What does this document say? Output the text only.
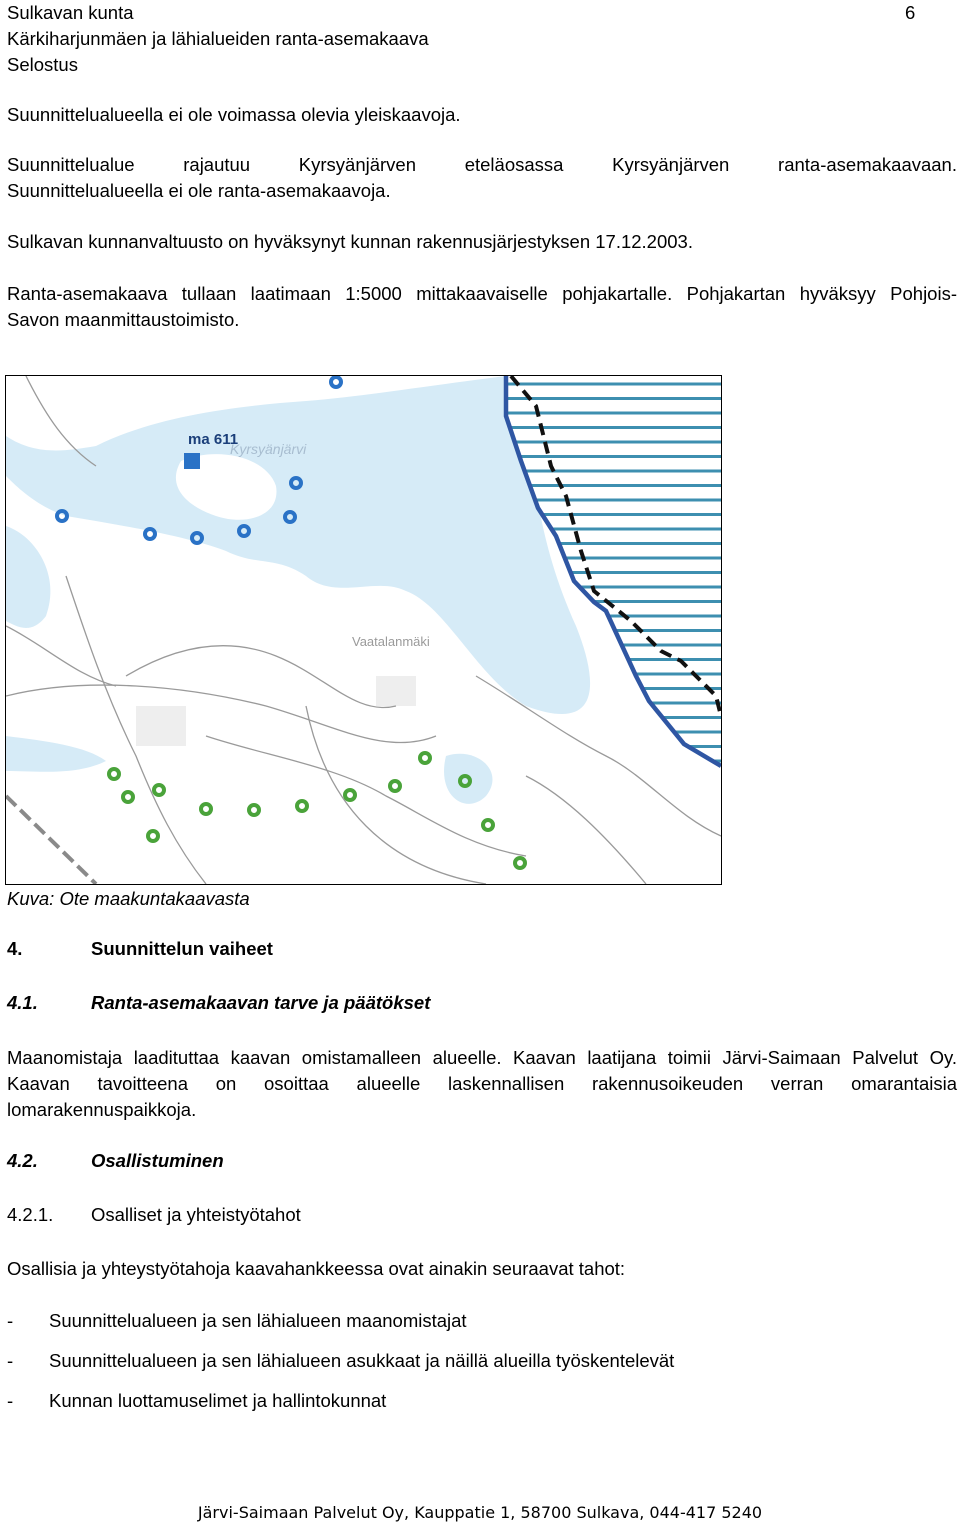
Sulkavan kunta	6
Kärkiharjunmäen ja lähialueiden ranta-asemakaava
Selostus
Suunnittelualueella ei ole voimassa olevia yleiskaavoja.
Suunnittelualue rajautuu Kyrsyänjärven eteläosassa Kyrsyänjärven ranta-asemakaavaan.
Suunnittelualueella ei ole ranta-asemakaavoja.
Sulkavan kunnanvaltuusto on hyväksynyt kunnan rakennusjärjestyksen 17.12.2003.
Ranta-asemakaava tullaan laatimaan 1:5000 mittakaavaiselle pohjakartalle. Pohjakartan hyväksyy Pohjois-
Savon maanmittaustoimisto.
ma 611
Kyrsyänjärvi
Vaatalanmäki
Kuva: Ote maakuntakaavasta
4.	Suunnittelun vaiheet
4.1.	Ranta-asemakaavan tarve ja päätökset
Maanomistaja laadituttaa kaavan omistamalleen alueelle. Kaavan laatijana toimii Järvi-Saimaan Palvelut Oy.
Kaavan tavoitteena on osoittaa alueelle laskennallisen rakennusoikeuden verran omarantaisia
lomarakennuspaikkoja.
4.2.	Osallistuminen
4.2.1. Osalliset ja yhteistyötahot
Osallisia ja yhteystyötahoja kaavahankkeessa ovat ainakin seuraavat tahot:
- Suunnittelualueen ja sen lähialueen maanomistajat
- Suunnittelualueen ja sen lähialueen asukkaat ja näillä alueilla työskentelevät
- Kunnan luottamuselimet ja hallintokunnat
Järvi-Saimaan Palvelut Oy, Kauppatie 1, 58700 Sulkava, 044-417 5240
